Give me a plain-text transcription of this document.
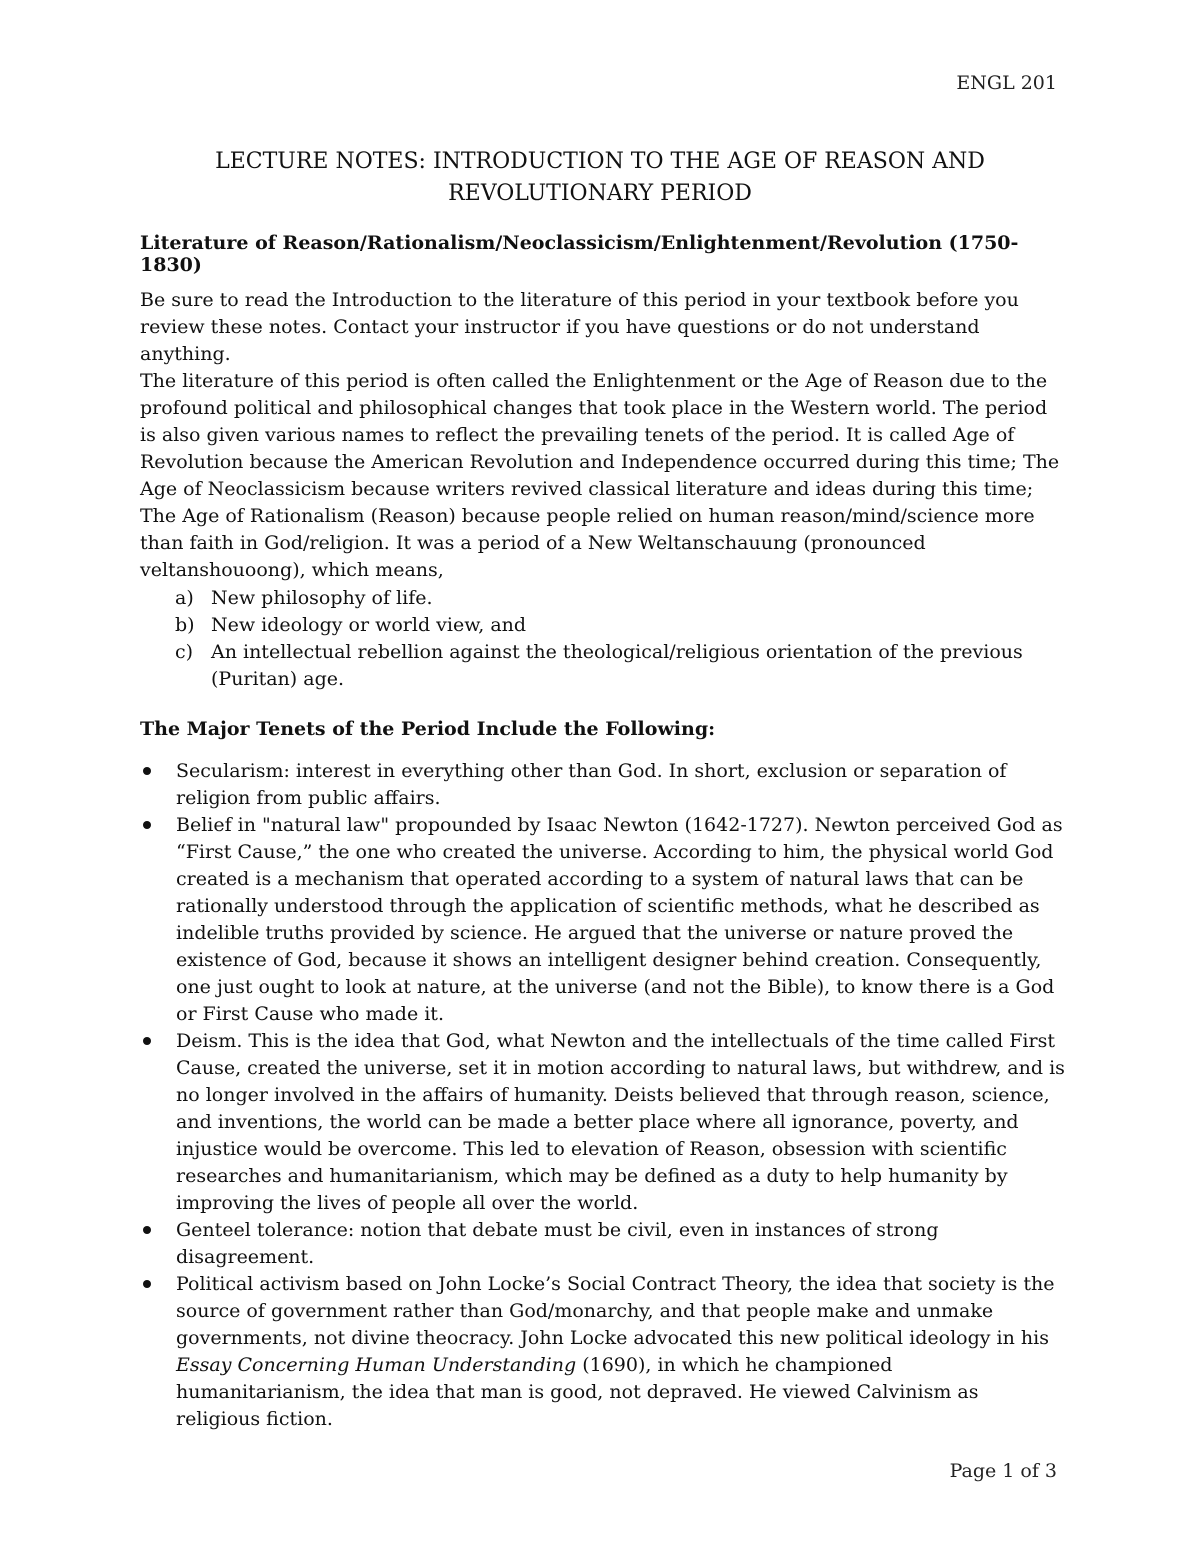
ENGL 201
LECTURE NOTES: INTRODUCTION TO THE AGE OF REASON AND
REVOLUTIONARY PERIOD
Literature of Reason/Rationalism/Neoclassicism/Enlightenment/Revolution (1750-1830)
Be sure to read the Introduction to the literature of this period in your textbook before you review these notes. Contact your instructor if you have questions or do not understand anything.
The literature of this period is often called the Enlightenment or the Age of Reason due to the profound political and philosophical changes that took place in the Western world. The period is also given various names to reflect the prevailing tenets of the period. It is called Age of Revolution because the American Revolution and Independence occurred during this time; The Age of Neoclassicism because writers revived classical literature and ideas during this time; The Age of Rationalism (Reason) because people relied on human reason/mind/science more than faith in God/religion. It was a period of a New Weltanschauung (pronounced veltanshouoong), which means,
a) New philosophy of life.
b) New ideology or world view, and
c) An intellectual rebellion against the theological/religious orientation of the previous (Puritan) age.
The Major Tenets of the Period Include the Following:
Secularism: interest in everything other than God. In short, exclusion or separation of religion from public affairs.
Belief in "natural law" propounded by Isaac Newton (1642-1727). Newton perceived God as “First Cause,” the one who created the universe. According to him, the physical world God created is a mechanism that operated according to a system of natural laws that can be rationally understood through the application of scientific methods, what he described as indelible truths provided by science. He argued that the universe or nature proved the existence of God, because it shows an intelligent designer behind creation. Consequently, one just ought to look at nature, at the universe (and not the Bible), to know there is a God or First Cause who made it.
Deism. This is the idea that God, what Newton and the intellectuals of the time called First Cause, created the universe, set it in motion according to natural laws, but withdrew, and is no longer involved in the affairs of humanity. Deists believed that through reason, science, and inventions, the world can be made a better place where all ignorance, poverty, and injustice would be overcome. This led to elevation of Reason, obsession with scientific researches and humanitarianism, which may be defined as a duty to help humanity by improving the lives of people all over the world.
Genteel tolerance: notion that debate must be civil, even in instances of strong disagreement.
Political activism based on John Locke’s Social Contract Theory, the idea that society is the source of government rather than God/monarchy, and that people make and unmake governments, not divine theocracy. John Locke advocated this new political ideology in his Essay Concerning Human Understanding (1690), in which he championed humanitarianism, the idea that man is good, not depraved. He viewed Calvinism as religious fiction.
Page 1 of 3
